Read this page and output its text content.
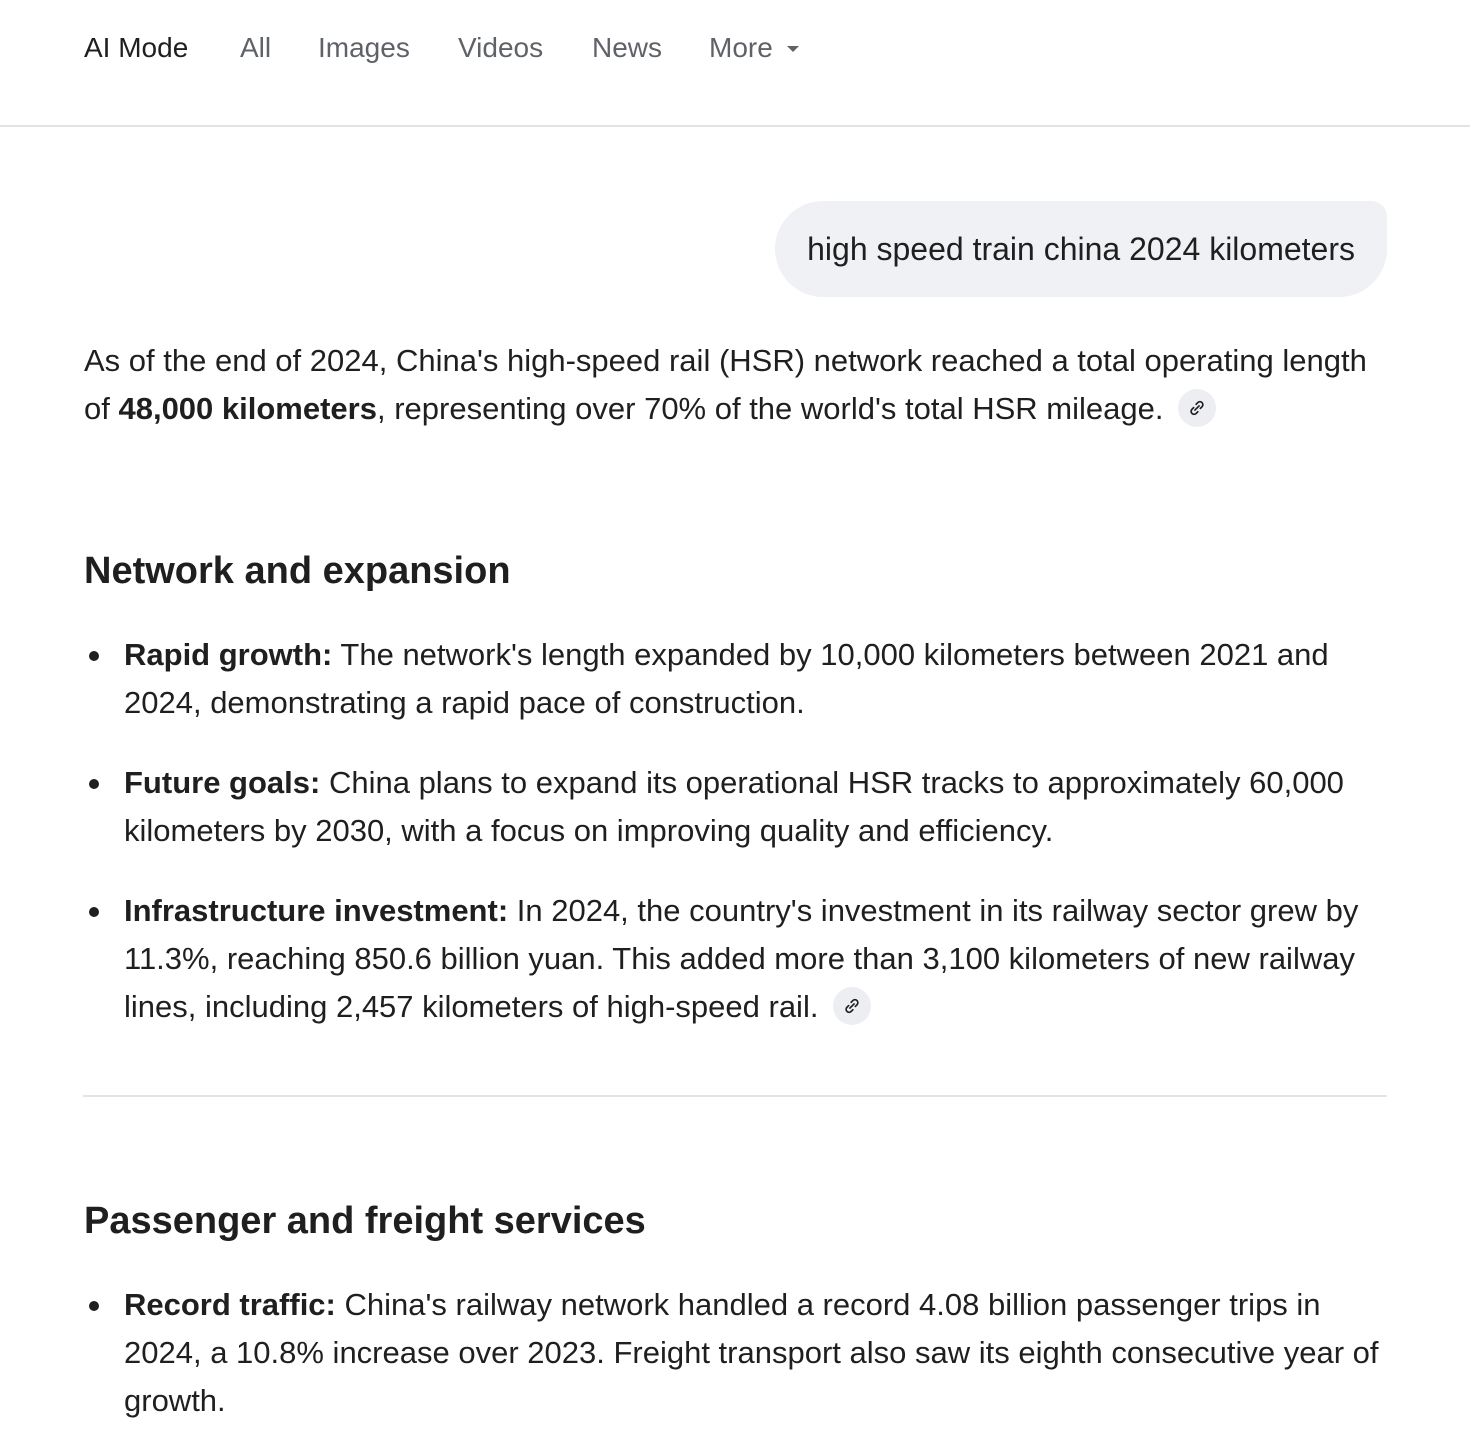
AI Mode All Images Videos News More
high speed train china 2024 kilometers
As of the end of 2024, China's high-speed rail (HSR) network reached a total operating length of 48,000 kilometers, representing over 70% of the world's total HSR mileage.
Network and expansion
Rapid growth: The network's length expanded by 10,000 kilometers between 2021 and 2024, demonstrating a rapid pace of construction.
Future goals: China plans to expand its operational HSR tracks to approximately 60,000 kilometers by 2030, with a focus on improving quality and efficiency.
Infrastructure investment: In 2024, the country's investment in its railway sector grew by 11.3%, reaching 850.6 billion yuan. This added more than 3,100 kilometers of new railway lines, including 2,457 kilometers of high-speed rail.
Passenger and freight services
Record traffic: China's railway network handled a record 4.08 billion passenger trips in 2024, a 10.8% increase over 2023. Freight transport also saw its eighth consecutive year of growth.
